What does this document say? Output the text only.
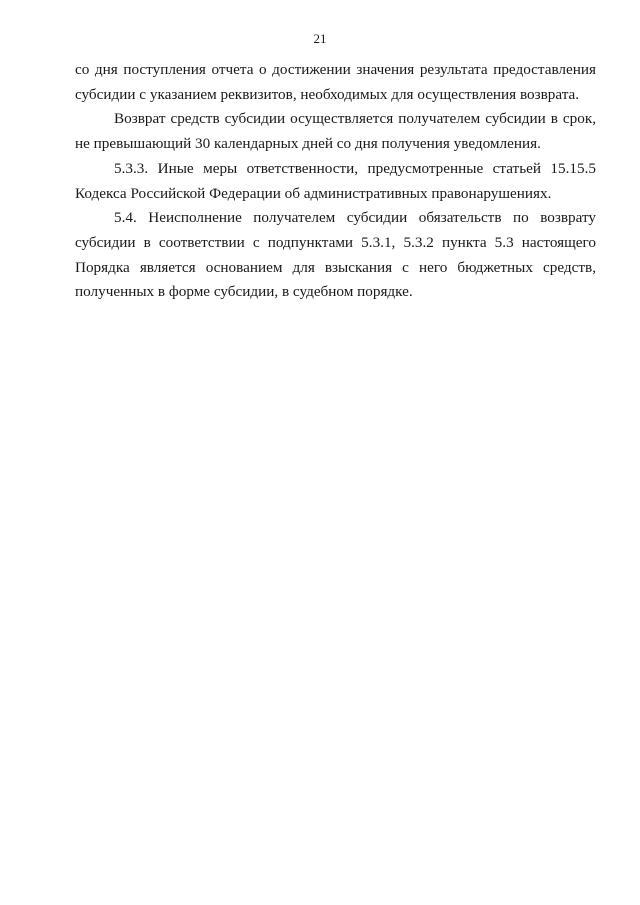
21

со дня поступления отчета о достижении значения результата предоставления субсидии с указанием реквизитов, необходимых для осуществления возврата.

Возврат средств субсидии осуществляется получателем субсидии в срок, не превышающий 30 календарных дней со дня получения уведомления.

5.3.3. Иные меры ответственности, предусмотренные статьей 15.15.5 Кодекса Российской Федерации об административных правонарушениях.

5.4. Неисполнение получателем субсидии обязательств по возврату субсидии в соответствии с подпунктами 5.3.1, 5.3.2 пункта 5.3 настоящего Порядка является основанием для взыскания с него бюджетных средств, полученных в форме субсидии, в судебном порядке.
